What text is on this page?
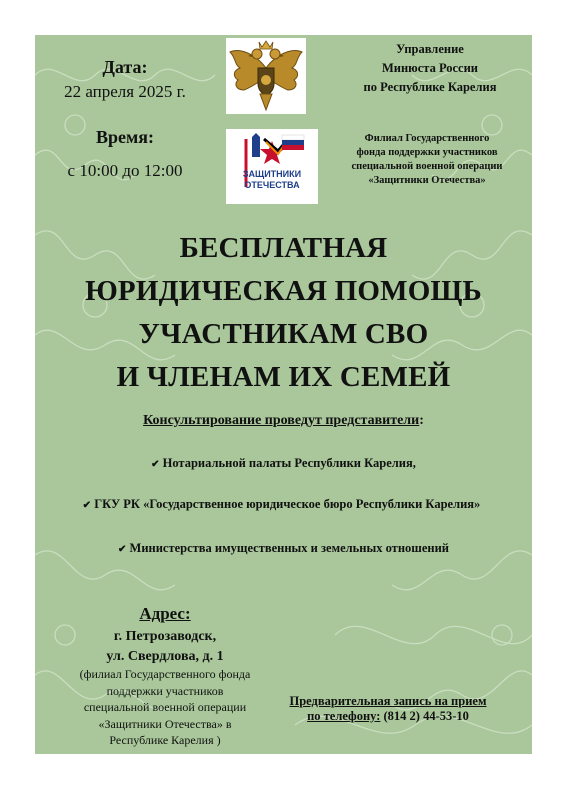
Дата:
22 апреля 2025 г.
Время:
с 10:00 до 12:00	ЗАЩИТНИКИ
ОТЕЧЕСТВА
Управление
Минюста России
по Республике Карелия
Филиал Государственного
фонда поддержки участников
специальной военной операции
«Защитники Отечества»
БЕСПЛАТНАЯ
ЮРИДИЧЕСКАЯ ПОМОЩЬ
УЧАСТНИКАМ СВО
И ЧЛЕНАМ ИХ СЕМЕЙ
Консультирование проведут представители:
✔ Нотариальной палаты Республики Карелия,
✔ ГКУ РК «Государственное юридическое бюро Республики Карелия»
✔ Министерства имущественных и земельных отношений
Адрес:
г. Петрозаводск,
ул. Свердлова, д. 1
(филиал Государственного фонда
поддержки участников
специальной военной операции
«Защитники Отечества» в
Республике Карелия )
Предварительная запись на прием
по телефону: (814 2) 44-53-10
